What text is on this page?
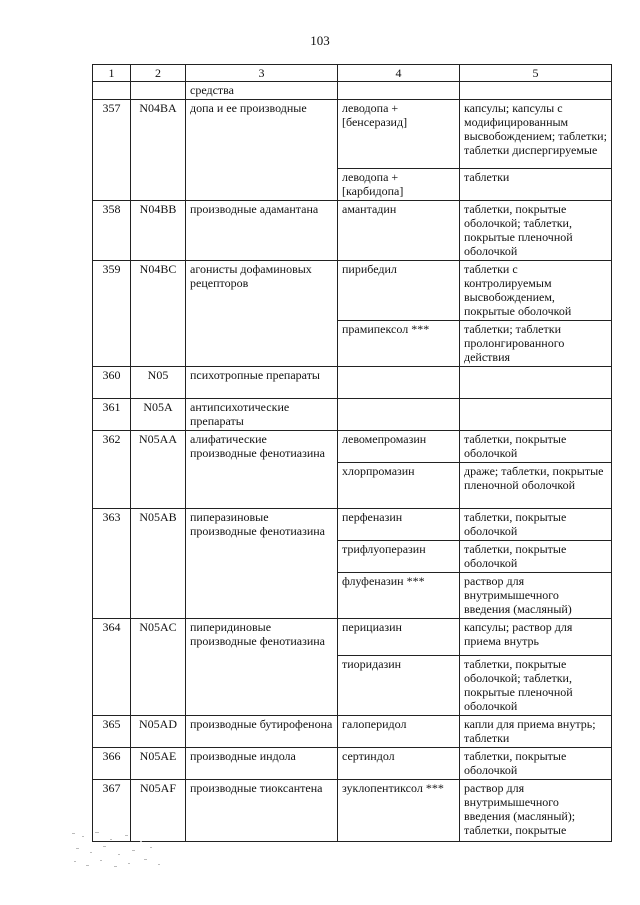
103
1	2	3	4	5
		средства		
357	N04BA	допа и ее производные	леводопа + [бенсеразид]	капсулы; капсулы с модифицированным высвобождением; таблетки; таблетки диспергируемые
			леводопа + [карбидопа]	таблетки
358	N04BB	производные адамантана	амантадин	таблетки, покрытые оболочкой; таблетки, покрытые пленочной оболочкой
359	N04BC	агонисты дофаминовых рецепторов	пирибедил	таблетки с контролируемым высвобождением, покрытые оболочкой
			прамипексол ***	таблетки; таблетки пролонгированного действия
360	N05	психотропные препараты		
361	N05A	антипсихотические препараты		
362	N05AA	алифатические производные фенотиазина	левомепромазин	таблетки, покрытые оболочкой
			хлорпромазин	драже; таблетки, покрытые пленочной оболочкой
363	N05AB	пиперазиновые производные фенотиазина	перфеназин	таблетки, покрытые оболочкой
			трифлуоперазин	таблетки, покрытые оболочкой
			флуфеназин ***	раствор для внутримышечного введения (масляный)
364	N05AC	пиперидиновые производные фенотиазина	перициазин	капсулы; раствор для приема внутрь
			тиоридазин	таблетки, покрытые оболочкой; таблетки, покрытые пленочной оболочкой
365	N05AD	производные бутирофенона	галоперидол	капли для приема внутрь; таблетки
366	N05AE	производные индола	сертиндол	таблетки, покрытые оболочкой
367	N05AF	производные тиоксантена	зуклопентиксол ***	раствор для внутримышечного введения (масляный); таблетки, покрытые
